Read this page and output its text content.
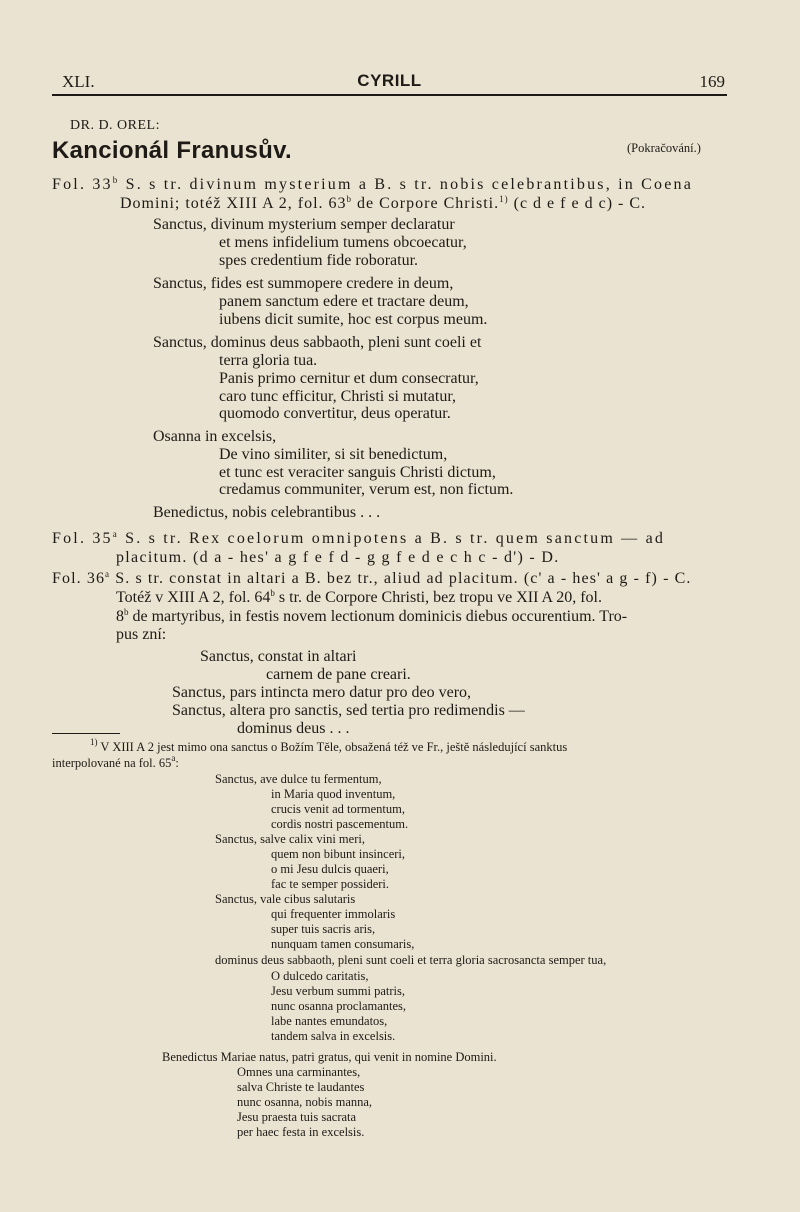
XLI.	CYRILL	169
DR. D. OREL:
Kancionál Franusův.	(Pokračování.)
Fol. 33$^b$ S. s tr. divinum mysterium a B. s tr. nobis celebrantibus, in Coena
Domini; totéž XIII A 2, fol. 63$^b$ de Corpore Christi.$^{1)}$ (c d e f e d c) - C.
Sanctus, divinum mysterium semper declaratur
et mens infidelium tumens obcoecatur,
spes credentium fide roboratur.
Sanctus, fides est summopere credere in deum,
panem sanctum edere et tractare deum,
iubens dicit sumite, hoc est corpus meum.
Sanctus, dominus deus sabbaoth, pleni sunt coeli et
terra gloria tua.
Panis primo cernitur et dum consecratur,
caro tunc efficitur, Christi si mutatur,
quomodo convertitur, deus operatur.
Osanna in excelsis,
De vino similiter, si sit benedictum,
et tunc est veraciter sanguis Christi dictum,
credamus communiter, verum est, non fictum.
Benedictus, nobis celebrantibus . . .
Fol. 35$^a$ S. s tr. Rex coelorum omnipotens a B. s tr. quem sanctum — ad
placitum. (d a - hes' a g f e f d - g g f e d e c h c - d') - D.
Fol. 36$^a$ S. s tr. constat in altari a B. bez tr., aliud ad placitum. (c' a - hes' a g - f) - C.
Totéž v XIII A 2, fol. 64$^b$ s tr. de Corpore Christi, bez tropu ve XII A 20, fol.
8$^b$ de martyribus, in festis novem lectionum dominicis diebus occurentium. Tro-
pus zní:
Sanctus, constat in altari
carnem de pane creari.
Sanctus, pars intincta mero datur pro deo vero,
Sanctus, altera pro sanctis, sed tertia pro redimendis —
dominus deus . . .
$^{1)}$ V XIII A 2 jest mimo ona sanctus o Božím Těle, obsažená též ve Fr., ještě následující sanktus
interpolované na fol. 65$^a$:
Sanctus, ave dulce tu fermentum,
in Maria quod inventum,
crucis venit ad tormentum,
cordis nostri pascementum.
Sanctus, salve calix vini meri,
quem non bibunt insinceri,
o mi Jesu dulcis quaeri,
fac te semper possideri.
Sanctus, vale cibus salutaris
qui frequenter immolaris
super tuis sacris aris,
nunquam tamen consumaris,
dominus deus sabbaoth, pleni sunt coeli et terra gloria sacrosancta semper tua,
O dulcedo caritatis,
Jesu verbum summi patris,
nunc osanna proclamantes,
labe nantes emundatos,
tandem salva in excelsis.
Benedictus Mariae natus, patri gratus, qui venit in nomine Domini.
Omnes una carminantes,
salva Christe te laudantes
nunc osanna, nobis manna,
Jesu praesta tuis sacrata
per haec festa in excelsis.
